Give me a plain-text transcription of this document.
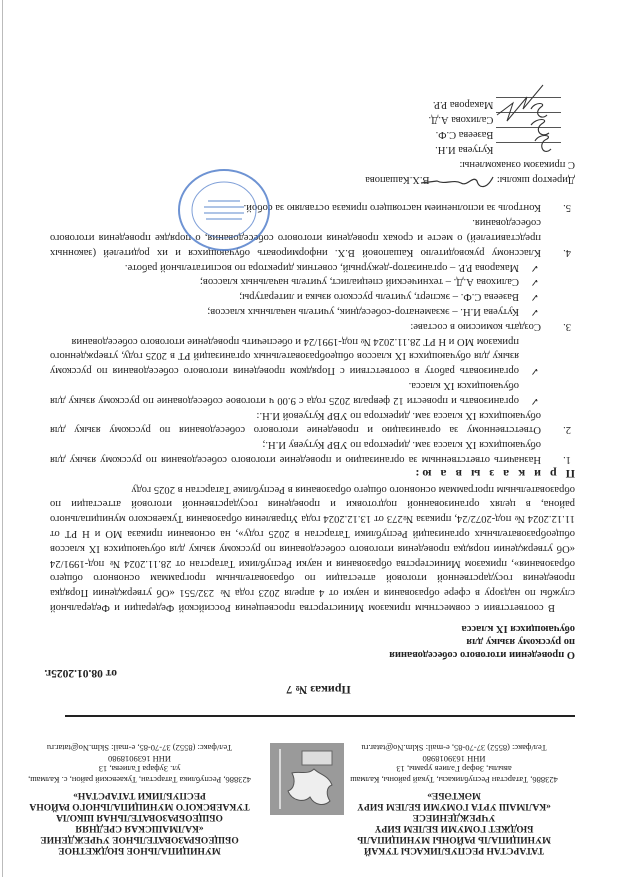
ТАТАРСТАН РЕСПУБЛИКАСЫ ТУКАЙ
МУНИЦИПАЛЬ РАЙОНЫ МУНИЦИПАЛЬ
БЮДЖЕТ ГОМУМИ БЕЛЕМ БИРҮ
УЧРЕЖДЕНИЕСЕ
«КАЛМАШ УРТА ГОМУМИ БЕЛЕМ БИРҮ
МӘКТӘБЕ»
423886, Татарстан Республикасы, Тукай районы, Калмаш авылы, Зөфәр Гәлиев урамы, 13
ИНН 1639018980
Тел/факс: (8552) 37-70-85, e-mail: Sklm.No@tatar.ru
МУНИЦИПАЛЬНОЕ БЮДЖЕТНОЕ
ОБЩЕОБРАЗОВАТЕЛЬНОЕ УЧРЕЖДЕНИЕ
«КАЛМАШСКАЯ СРЕДНЯЯ
ОБЩЕОБРАЗОВАТЕЛЬНАЯ ШКОЛА
ТУКАЕВСКОГО МУНИЦИПАЛЬНОГО РАЙОНА
РЕСПУБЛИКИ ТАТАРСТАН»
423886, Республика Татарстан, Тукаевский район, с. Калмаш, ул. Зуфара Галиева, 13
ИНН 1639018980
Тел/факс: (8552) 37-70-85, e-mail: Sklm.No@tatar.ru
Приказ № 7
от 08.01.2025г.
О проведении итогового собеседования
по русскому языку для
обучающихся IX класса

В соответствии с совместным приказом Министерства просвещения Российской Федерации и Федеральной службы по надзору в сфере образования и науки от 4 апреля 2023 года № 232/551 «Об утверждении Порядка проведения государственной итоговой аттестации по образовательным программам основного общего образования», приказом Министерства образования и науки Республики Татарстан от 28.11.2024 № под-1991/24 «Об утверждении порядка проведения итогового собеседования по русскому языку для обучающихся IX классов общеобразовательных организаций Республики Татарстан в 2025 году», на основании приказа МО и Н РТ от 11.12.2024 № под-2072/24, приказа №273 от 13.12.2024 года Управления образования Тукаевского муниципального района, в целях организованной подготовки и проведения государственной итоговой аттестации по образовательным программам основного общего образования в Республике Татарстан в 2025 году

П р и к а з ы в а ю:

1.
Назначить ответственным за организацию и проведение итогового собеседования по русскому языку для обучающихся IX класса зам. директора по УВР Кутуеву И.Н.;
2.
Ответственному за организацию и проведение итогового собеседования по русскому языку для обучающихся IX класса зам. директора по УВР Кутуевой И.Н.:
✓
организовать и провести 12 февраля 2025 года с 9.00 ч итоговое собеседование по русскому языку для обучающихся IX класса.
✓
организовать работу в соответствии с Порядком проведения итогового собеседования по русскому языку для обучающихся IX классов общеобразовательных организаций РТ в 2025 году, утвержденного приказом МО и Н РТ 28.11.2024 № под-1991/24 и обеспечить проведение итогового собеседования
3.
Создать комиссию в составе:
✓
Кутуева И.Н. – экзаменатор-собеседник, учитель начальных классов;
✓
Вазеева С.Ф. – эксперт, учитель русского языка и литературы;
✓
Салихова А.Д. – технический специалист, учитель начальных классов;
✓
Макарова Р.Р. – организатор-дежурный, советник директора по воспитательной работе.
4.
Классному руководителю Кашаповой В.Х. информировать обучающихся и их родителей (законных представителей) о месте и сроках проведения итогового собеседования, о порядке проведения итогового собеседования.
5.
Контроль за исполнением настоящего приказа оставляю за собой.
Директор школы:  В.Х.Кашапова
С приказом ознакомлены:
Кутуева И.Н.
Вазеева С.Ф.
Салихова А.Д.
Макарова Р.Р.
